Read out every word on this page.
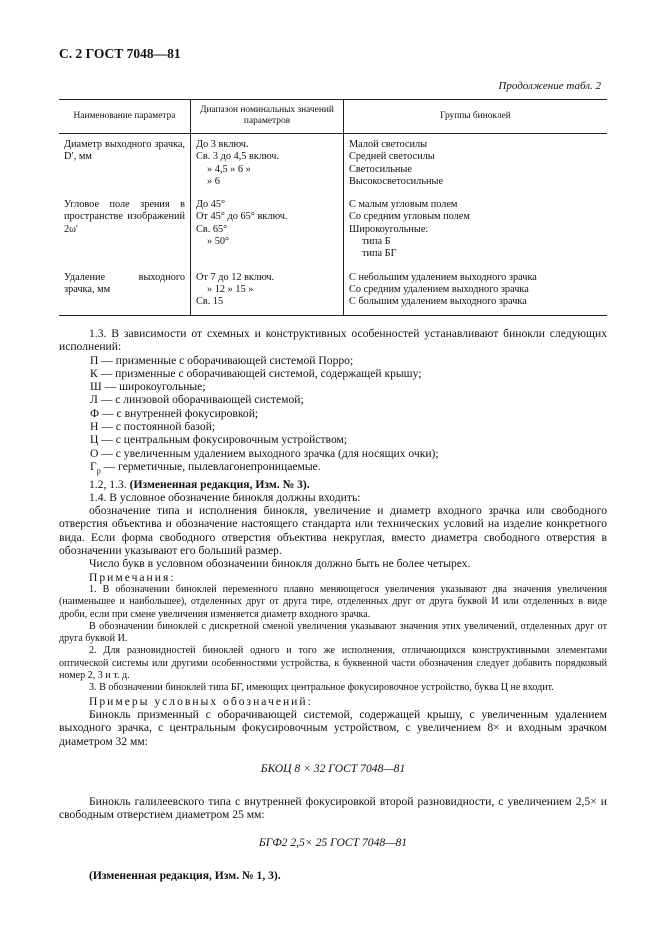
С. 2 ГОСТ 7048—81
Продолжение табл. 2
Наименование параметра	Диапазон номинальных значений параметров	Группы биноклей
Диаметр выходного зрачка, D′, мм	До 3 включ.
Св. 3 до 4,5 включ.
» 4,5 » 6 »
» 6	Малой светосилы
Средней светосилы
Светосильные
Высокосветосильные

Угловое поле зрения в пространстве изображений 2ω′	До 45°
От 45° до 65° включ.
Св. 65°
» 50°	С малым угловым полем
Со средним угловым полем
Широкоугольные:
типа Б
типа БГ

Удаление выходного зрачка, мм	От 7 до 12 включ.
» 12 » 15 »
Св. 15	С небольшим удалением выходного зрачка
Со средним удалением выходного зрачка
С большим удалением выходного зрачка

1.3. В зависимости от схемных и конструктивных особенностей устанавливают бинокли следующих исполнений:

П — призменные с оборачивающей системой Порро;

К — призменные с оборачивающей системой, содержащей крышу;

Ш — широкоугольные;

Л — с линзовой оборачивающей системой;

Ф — с внутренней фокусировкой;

Н — с постоянной базой;

Ц — с центральным фокусировочным устройством;

О — с увеличенным удалением выходного зрачка (для носящих очки);

$Г_р$ — герметичные, пылевлагонепроницаемые.

1.2, 1.3. (Измененная редакция, Изм. № 3).

1.4. В условное обозначение бинокля должны входить:

обозначение типа и исполнения бинокля, увеличение и диаметр входного зрачка или свободного отверстия объектива и обозначение настоящего стандарта или технических условий на изделие конкретного вида. Если форма свободного отверстия объектива некруглая, вместо диаметра свободного отверстия в обозначении указывают его больший размер.

Число букв в условном обозначении бинокля должно быть не более четырех.

Примечания:

1. В обозначении биноклей переменного плавно меняющегося увеличения указывают два значения увеличения (наименьшее и наибольшее), отделенных друг от друга тире, отделенных друг от друга буквой И или отделенных в виде дроби, если при смене увеличения изменяется диаметр входного зрачка.

В обозначении биноклей с дискретной сменой увеличения указывают значения этих увеличений, отделенных друг от друга буквой И.

2. Для разновидностей биноклей одного и того же исполнения, отличающихся конструктивными элементами оптической системы или другими особенностями устройства, к буквенной части обозначения следует добавить порядковый номер 2, 3 и т. д.

3. В обозначении биноклей типа БГ, имеющих центральное фокусировочное устройство, буква Ц не входит.

Примеры условных обозначений:

Бинокль призменный с оборачивающей системой, содержащей крышу, с увеличенным удалением выходного зрачка, с центральным фокусировочным устройством, с увеличением 8× и входным зрачком диаметром 32 мм:

БКОЦ 8 × 32 ГОСТ 7048—81

Бинокль галилеевского типа с внутренней фокусировкой второй разновидности, с увеличением 2,5× и свободным отверстием диаметром 25 мм:

БГФ2 2,5× 25 ГОСТ 7048—81

(Измененная редакция, Изм. № 1, 3).
